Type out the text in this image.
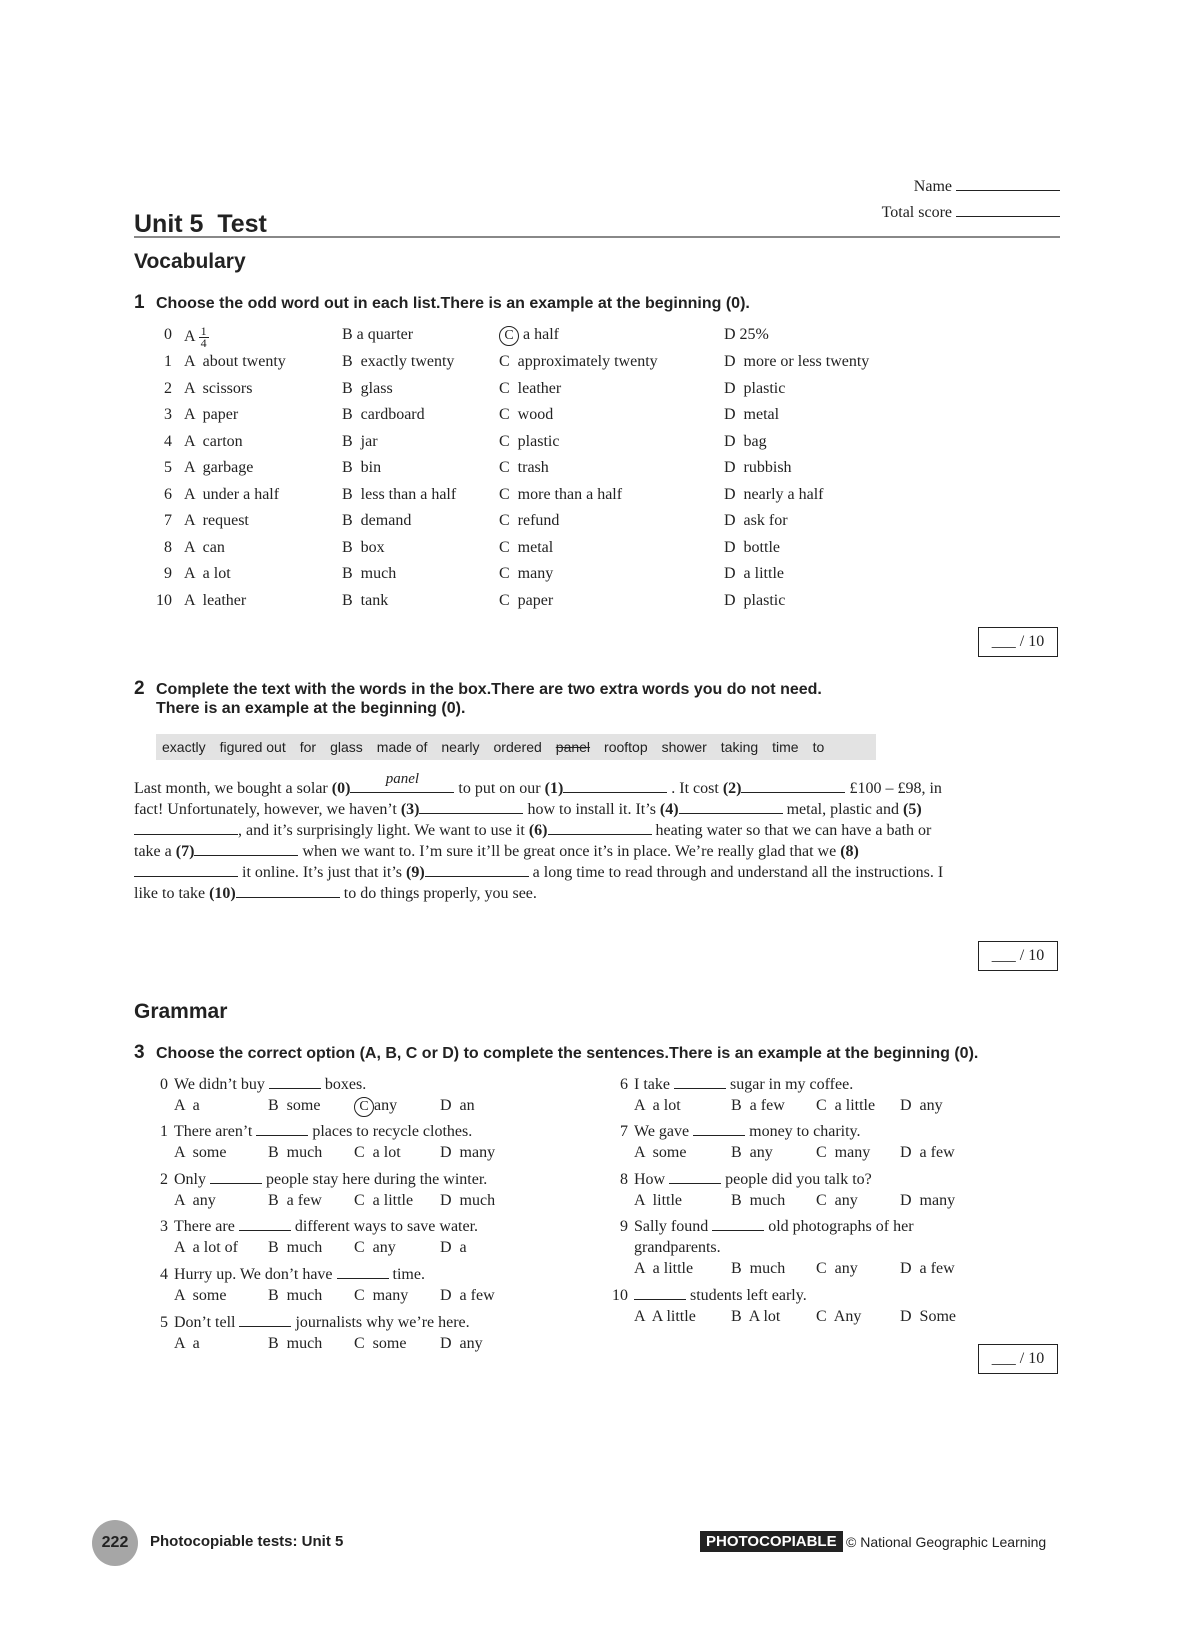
Name
Total score
Unit 5  Test
Vocabulary
1 Choose the odd word out in each list.There is an example at the beginning (0).
0 A $\frac{1}{4}$	B a quarter	C a half	D 25%
1 A  about twenty	B  exactly twenty	C  approximately twenty	D  more or less twenty
2 A  scissors	B  glass	C  leather	D  plastic
3 A  paper	B  cardboard	C  wood	D  metal
4 A  carton	B  jar	C  plastic	D  bag
5 A  garbage	B  bin	C  trash	D  rubbish
6 A  under a half	B  less than a half	C  more than a half	D  nearly a half
7 A  request	B  demand	C  refund	D  ask for
8 A  can	B  box	C  metal	D  bottle
9 A  a lot	B  much	C  many	D  a little
10 A  leather	B  tank	C  paper	D  plastic
___ / 10
2 Complete the text with the words in the box.There are two extra words you do not need.
There is an example at the beginning (0).
exactly figured out for glass made of nearly ordered panel rooftop shower taking time to
Last month, we bought a solar (0)
panel
to put on our (1)	. It cost (2)	£100 – £98, in fact! Unfortunately, however, we haven’t (3)	how to install it. It’s (4)	metal, plastic and (5), and it’s surprisingly light. We want to use it (6)	heating water so that we can have a bath or take a (7)	when we want to. I’m sure it’ll be great once it’s in place. We’re really glad that we (8) it online. It’s just that it’s (9)	a long time to read through and understand all the instructions. I like to take (10)	to do things properly, you see.
___ / 10
Grammar
3 Choose the correct option (A, B, C or D) to complete the sentences.There is an example at the beginning (0).
0 We didn’t buy	boxes.
A  a	B  some	C any	D  an
1 There aren’t	places to recycle clothes.
A  some	B  much C  a lot D  many
2 Only	people stay here during the winter.
A  any	B  a few C  a little D  much
3 There are	different ways to save water.
A  a lot of B  much C  any	D  a
4 Hurry up. We don’t have	time.
A  some	B  much C  many D  a few
5 Don’t tell	journalists why we’re here.
A  a	B  much C  some D  any
6 I take	sugar in my coffee.
A  a lot	B  a few C  a little D  any
7 We gave	money to charity.
A  some	B  any	C  many D  a few
8 How	people did you talk to?
A  little	B  much C  any	D  many
9 Sally found	old photographs of her
grandparents.
A  a little B  much C  any	D  a few
10	students left early.
A  A little B  A lot C  Any D  Some
___ / 10
222	Photocopiable tests: Unit 5	PHOTOCOPIABLE © National Geographic Learning
